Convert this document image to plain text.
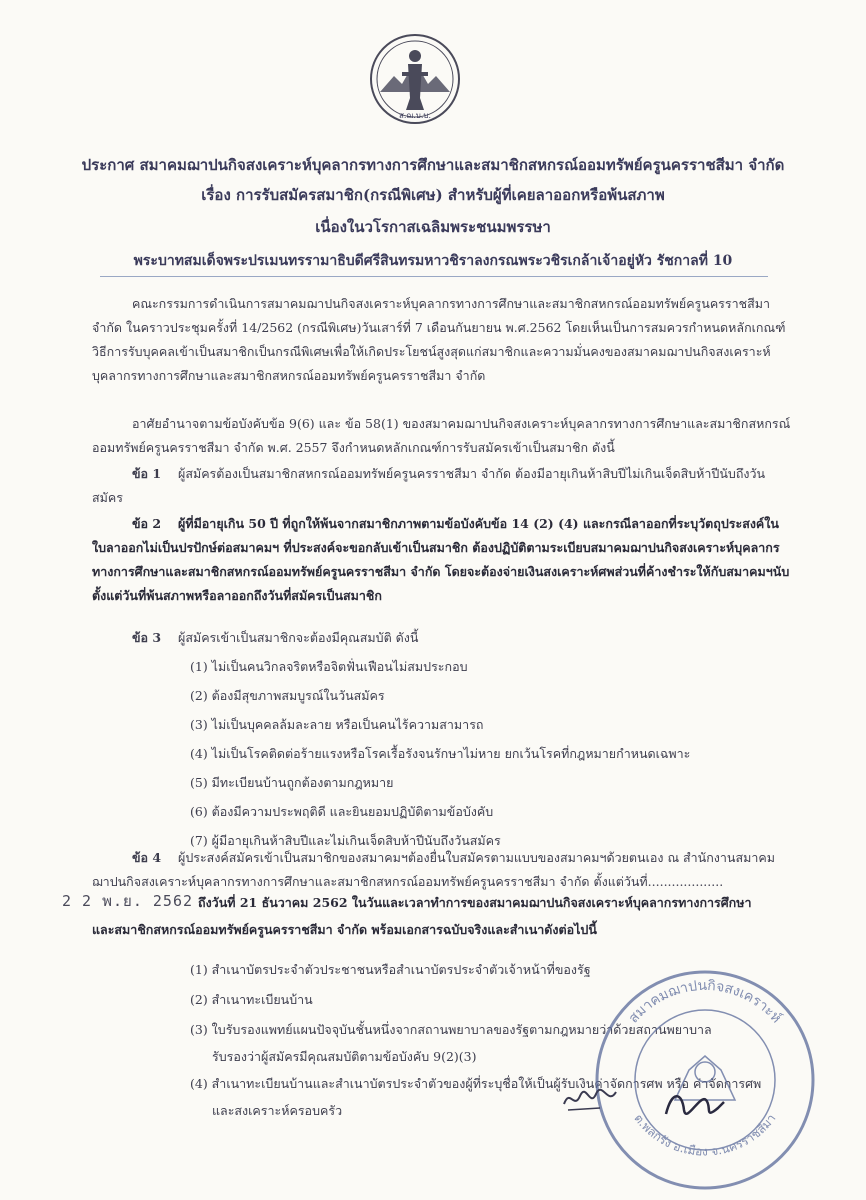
ส.ฌ.บ.บ.
ประกาศ สมาคมฌาปนกิจสงเคราะห์บุคลากรทางการศึกษาและสมาชิกสหกรณ์ออมทรัพย์ครูนครราชสีมา จำกัด
เรื่อง การรับสมัครสมาชิก(กรณีพิเศษ) สำหรับผู้ที่เคยลาออกหรือพ้นสภาพ
เนื่องในวโรกาสเฉลิมพระชนมพรรษา
พระบาทสมเด็จพระปรเมนทรรามาธิบดีศรีสินทรมหาวชิราลงกรณพระวชิรเกล้าเจ้าอยู่หัว รัชกาลที่ 10
คณะกรรมการดำเนินการสมาคมฌาปนกิจสงเคราะห์บุคลากรทางการศึกษาและสมาชิกสหกรณ์ออมทรัพย์ครูนครราชสีมา จำกัด ในคราวประชุมครั้งที่ 14/2562 (กรณีพิเศษ)วันเสาร์ที่ 7 เดือนกันยายน พ.ศ.2562 โดยเห็นเป็นการสมควรกำหนดหลักเกณฑ์วิธีการรับบุคคลเข้าเป็นสมาชิกเป็นกรณีพิเศษเพื่อให้เกิดประโยชน์สูงสุดแก่สมาชิกและความมั่นคงของสมาคมฌาปนกิจสงเคราะห์บุคลากรทางการศึกษาและสมาชิกสหกรณ์ออมทรัพย์ครูนครราชสีมา จำกัด
อาศัยอำนาจตามข้อบังคับข้อ 9(6) และ ข้อ 58(1) ของสมาคมฌาปนกิจสงเคราะห์บุคลากรทางการศึกษาและสมาชิกสหกรณ์ออมทรัพย์ครูนครราชสีมา จำกัด พ.ศ. 2557 จึงกำหนดหลักเกณฑ์การรับสมัครเข้าเป็นสมาชิก ดังนี้
ข้อ 1 ผู้สมัครต้องเป็นสมาชิกสหกรณ์ออมทรัพย์ครูนครราชสีมา จำกัด ต้องมีอายุเกินห้าสิบปีไม่เกินเจ็ดสิบห้าปีนับถึงวันสมัคร
ข้อ 2 ผู้ที่มีอายุเกิน 50 ปี ที่ถูกให้พ้นจากสมาชิกภาพตามข้อบังคับข้อ 14 (2) (4) และกรณีลาออกที่ระบุวัตถุประสงค์ในใบลาออกไม่เป็นปรปักษ์ต่อสมาคมฯ ที่ประสงค์จะขอกลับเข้าเป็นสมาชิก ต้องปฏิบัติตามระเบียบสมาคมฌาปนกิจสงเคราะห์บุคลากรทางการศึกษาและสมาชิกสหกรณ์ออมทรัพย์ครูนครราชสีมา จำกัด โดยจะต้องจ่ายเงินสงเคราะห์ศพส่วนที่ค้างชำระให้กับสมาคมฯนับตั้งแต่วันที่พ้นสภาพหรือลาออกถึงวันที่สมัครเป็นสมาชิก
ข้อ 3 ผู้สมัครเข้าเป็นสมาชิกจะต้องมีคุณสมบัติ ดังนี้
(1) ไม่เป็นคนวิกลจริตหรือจิตฟั่นเฟือนไม่สมประกอบ
(2) ต้องมีสุขภาพสมบูรณ์ในวันสมัคร
(3) ไม่เป็นบุคคลล้มละลาย หรือเป็นคนไร้ความสามารถ
(4) ไม่เป็นโรคติดต่อร้ายแรงหรือโรคเรื้อรังจนรักษาไม่หาย ยกเว้นโรคที่กฎหมายกำหนดเฉพาะ
(5) มีทะเบียนบ้านถูกต้องตามกฎหมาย
(6) ต้องมีความประพฤติดี และยินยอมปฏิบัติตามข้อบังคับ
(7) ผู้มีอายุเกินห้าสิบปีและไม่เกินเจ็ดสิบห้าปีนับถึงวันสมัคร
ข้อ 4 ผู้ประสงค์สมัครเข้าเป็นสมาชิกของสมาคมฯต้องยื่นใบสมัครตามแบบของสมาคมฯด้วยตนเอง ณ สำนักงานสมาคมฌาปนกิจสงเคราะห์บุคลากรทางการศึกษาและสมาชิกสหกรณ์ออมทรัพย์ครูนครราชสีมา จำกัด ตั้งแต่วันที่...................
2 2 พ.ย. 2562 ถึงวันที่ 21 ธันวาคม 2562 ในวันและเวลาทำการของสมาคมฌาปนกิจสงเคราะห์บุคลากรทางการศึกษา
และสมาชิกสหกรณ์ออมทรัพย์ครูนครราชสีมา จำกัด พร้อมเอกสารฉบับจริงและสำเนาดังต่อไปนี้
(1) สำเนาบัตรประจำตัวประชาชนหรือสำเนาบัตรประจำตัวเจ้าหน้าที่ของรัฐ
(2) สำเนาทะเบียนบ้าน
(3) ใบรับรองแพทย์แผนปัจจุบันชั้นหนึ่งจากสถานพยาบาลของรัฐตามกฎหมายว่าด้วยสถานพยาบาล
รับรองว่าผู้สมัครมีคุณสมบัติตามข้อบังคับ 9(2)(3)
(4) สำเนาทะเบียนบ้านและสำเนาบัตรประจำตัวของผู้ที่ระบุชื่อให้เป็นผู้รับเงินค่าจัดการศพ หรือ ค่าจัดการศพ
และสงเคราะห์ครอบครัว
สมาคมฌาปนกิจสงเคราะห์
ต.พลกรัง อ.เมือง จ.นครราชสีมา
